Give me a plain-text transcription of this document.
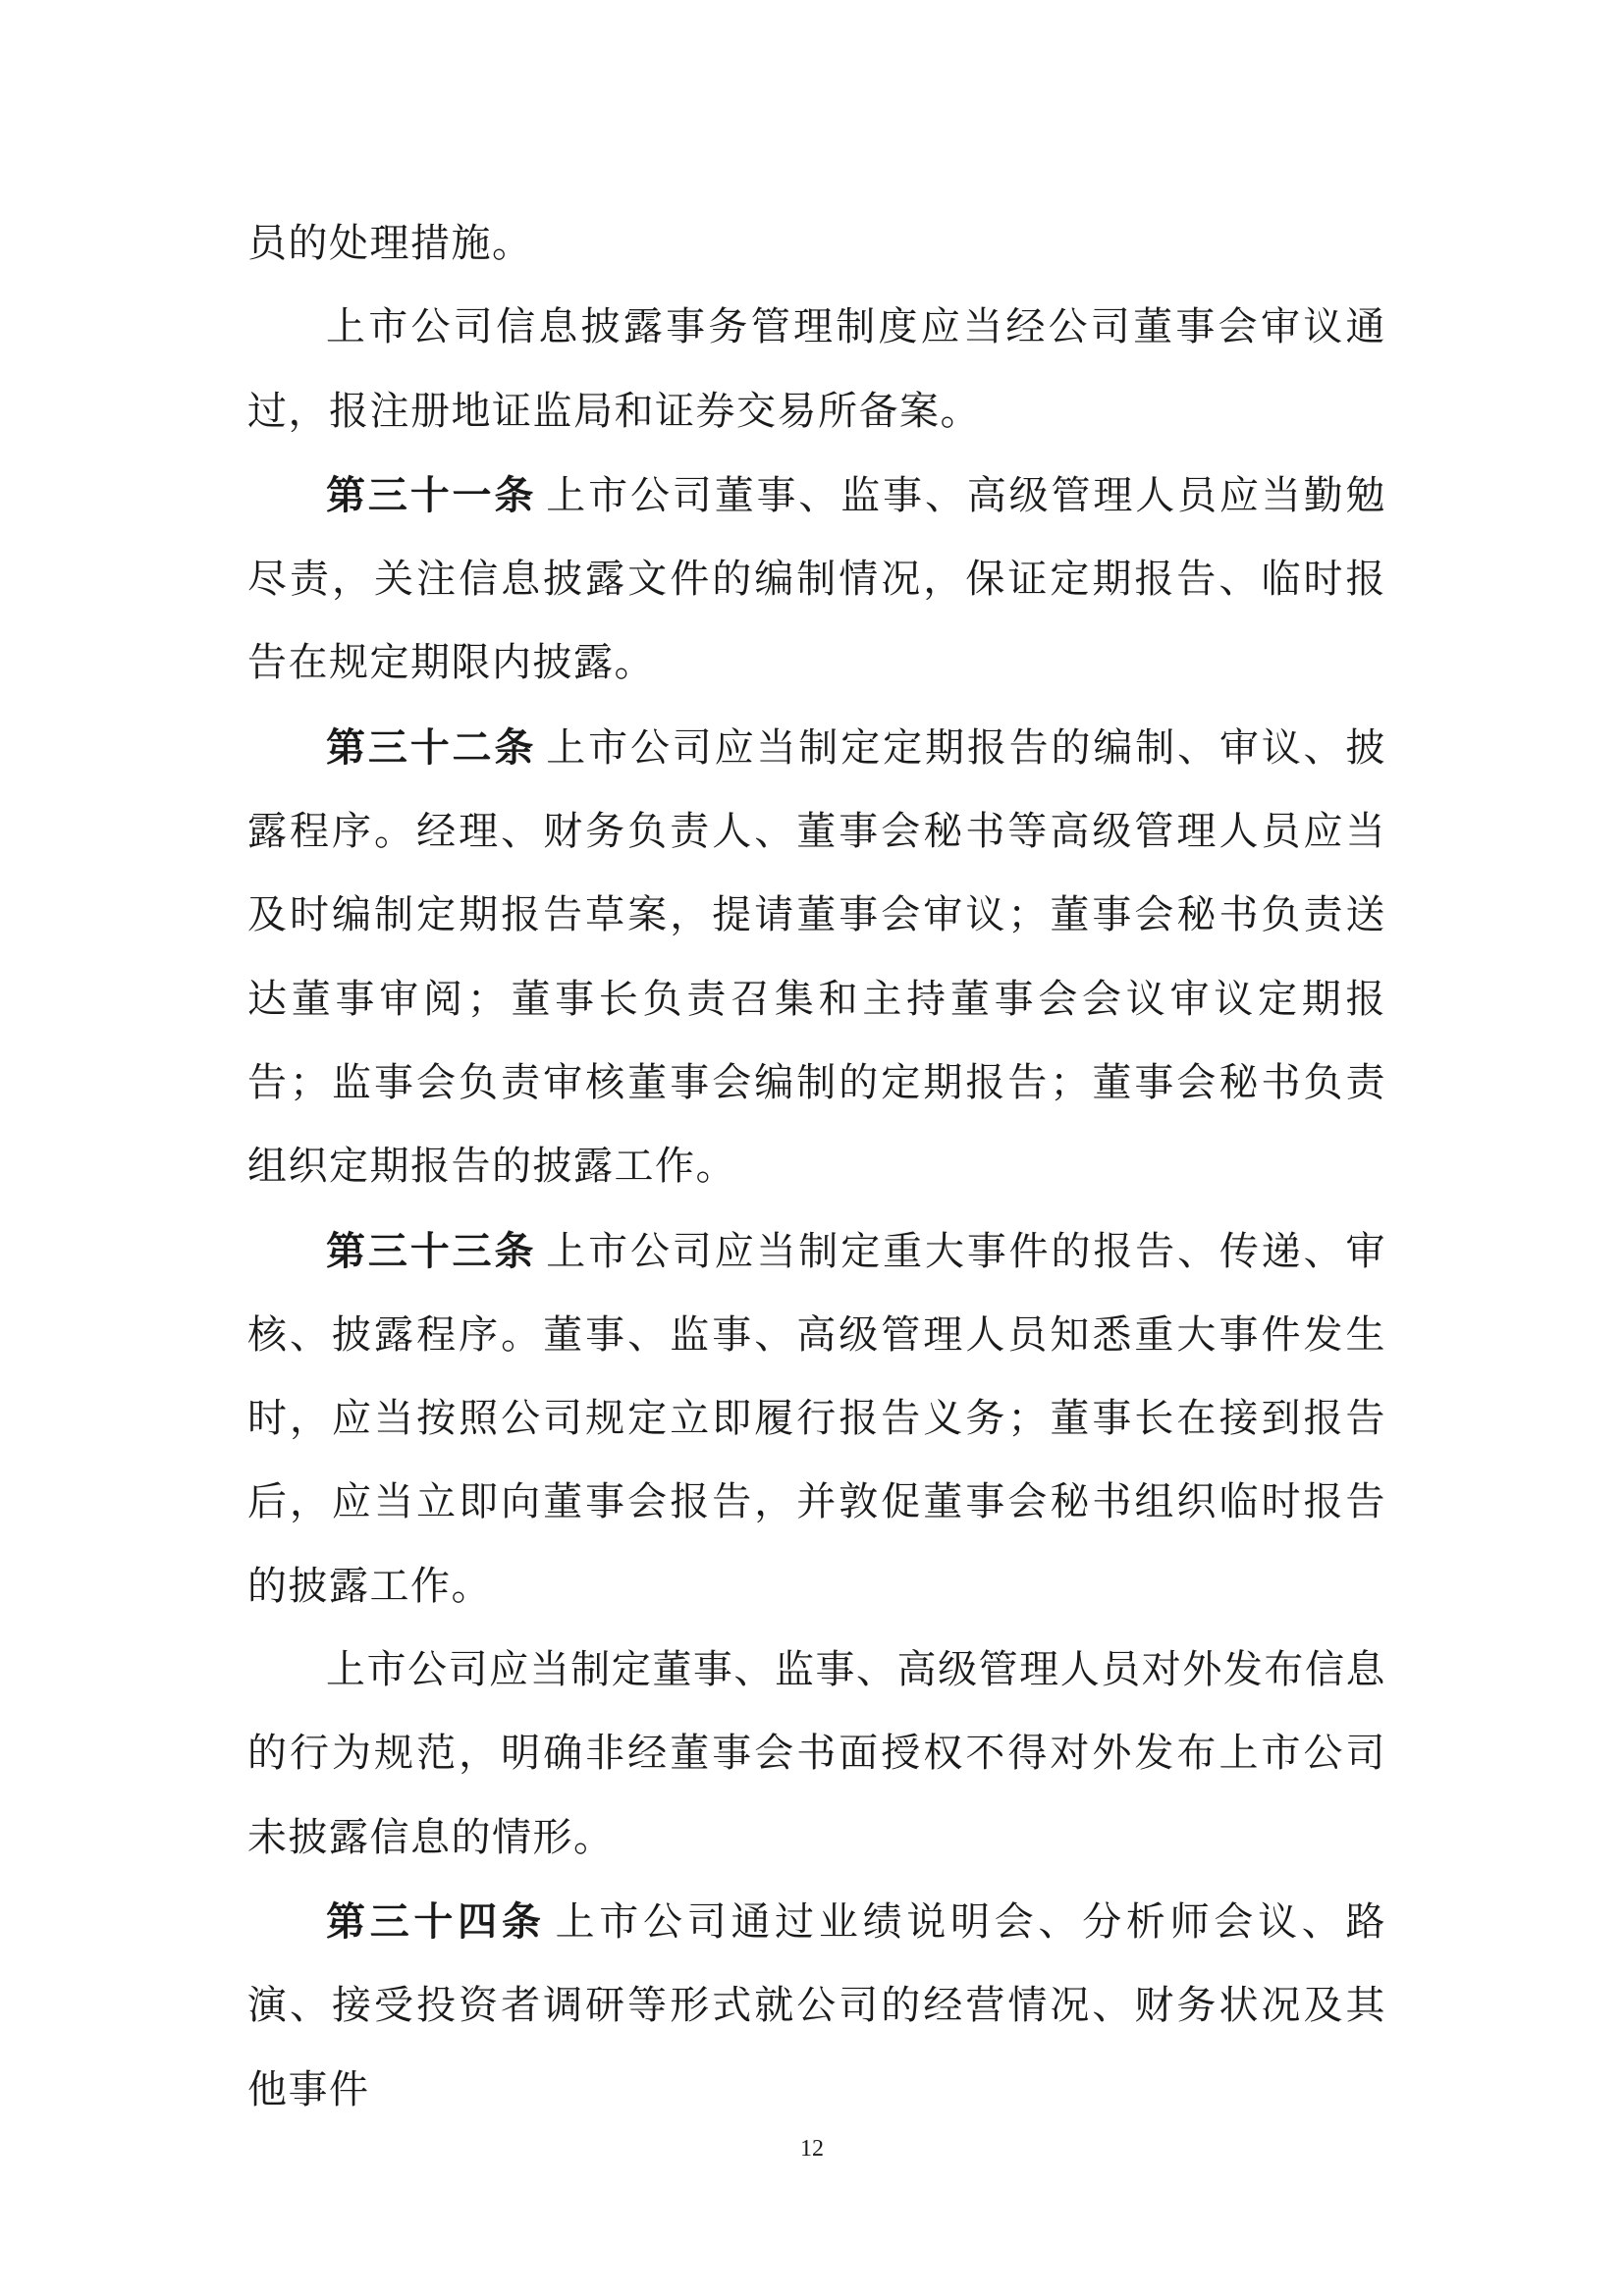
员的处理措施。

上市公司信息披露事务管理制度应当经公司董事会审议通过，报注册地证监局和证券交易所备案。

第三十一条 上市公司董事、监事、高级管理人员应当勤勉尽责，关注信息披露文件的编制情况，保证定期报告、临时报告在规定期限内披露。

第三十二条 上市公司应当制定定期报告的编制、审议、披露程序。经理、财务负责人、董事会秘书等高级管理人员应当及时编制定期报告草案，提请董事会审议；董事会秘书负责送达董事审阅；董事长负责召集和主持董事会会议审议定期报告；监事会负责审核董事会编制的定期报告；董事会秘书负责组织定期报告的披露工作。

第三十三条 上市公司应当制定重大事件的报告、传递、审核、披露程序。董事、监事、高级管理人员知悉重大事件发生时，应当按照公司规定立即履行报告义务；董事长在接到报告后，应当立即向董事会报告，并敦促董事会秘书组织临时报告的披露工作。

上市公司应当制定董事、监事、高级管理人员对外发布信息的行为规范，明确非经董事会书面授权不得对外发布上市公司未披露信息的情形。

第三十四条 上市公司通过业绩说明会、分析师会议、路演、接受投资者调研等形式就公司的经营情况、财务状况及其他事件

12
